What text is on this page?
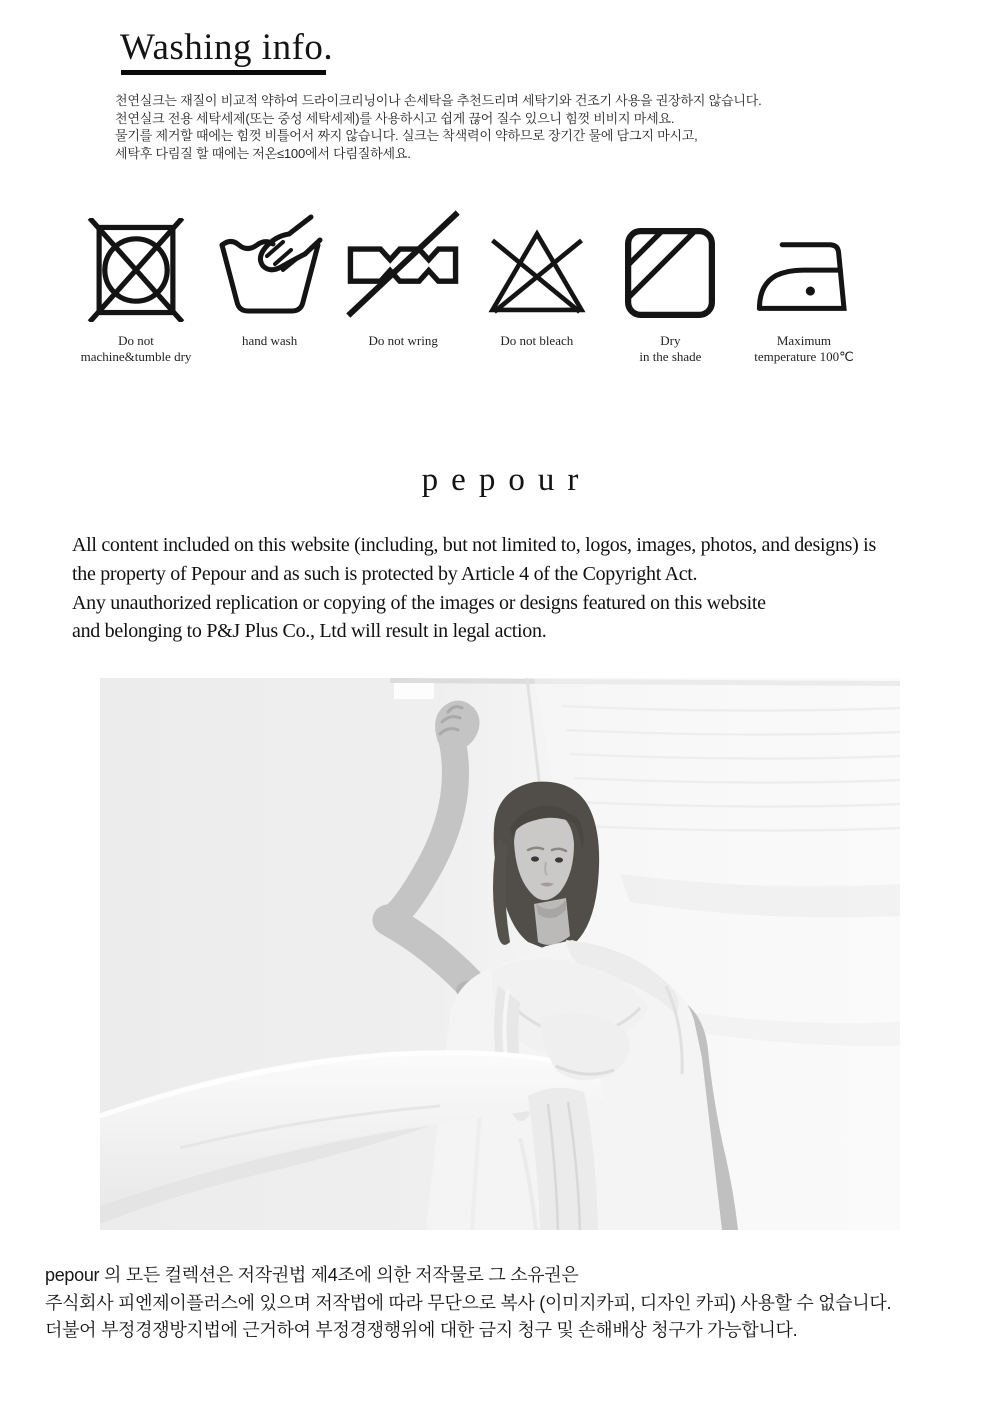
Washing info.
천연실크는 재질이 비교적 약하여 드라이크리닝이나 손세탁을 추천드리며 세탁기와 건조기 사용을 권장하지 않습니다.
천연실크 전용 세탁세제(또는 중성 세탁세제)를 사용하시고 쉽게 끊어 질수 있으니 힘껏 비비지 마세요.
물기를 제거할 때에는 힘껏 비틀어서 짜지 않습니다. 실크는 착색력이 약하므로 장기간 물에 담그지 마시고,
세탁후 다림질 할 때에는 저온≤100에서 다림질하세요.
Do not
machine&tumble dry
hand wash	Do not wring	Do not bleach	Dry
in the shade
Maximum
temperature 100℃
pepour
All content included on this website (including, but not limited to, logos, images, photos, and designs) is
the property of Pepour and as such is protected by Article 4 of the Copyright Act.
Any unauthorized replication or copying of the images or designs featured on this website
and belonging to P&J Plus Co., Ltd will result in legal action.
pepour 의 모든 컬렉션은 저작권법 제4조에 의한 저작물로 그 소유권은
주식회사 피엔제이플러스에 있으며 저작법에 따라 무단으로 복사 (이미지카피, 디자인 카피) 사용할 수 없습니다.
더불어 부정경쟁방지법에 근거하여 부정경쟁행위에 대한 금지 청구 및 손해배상 청구가 가능합니다.
